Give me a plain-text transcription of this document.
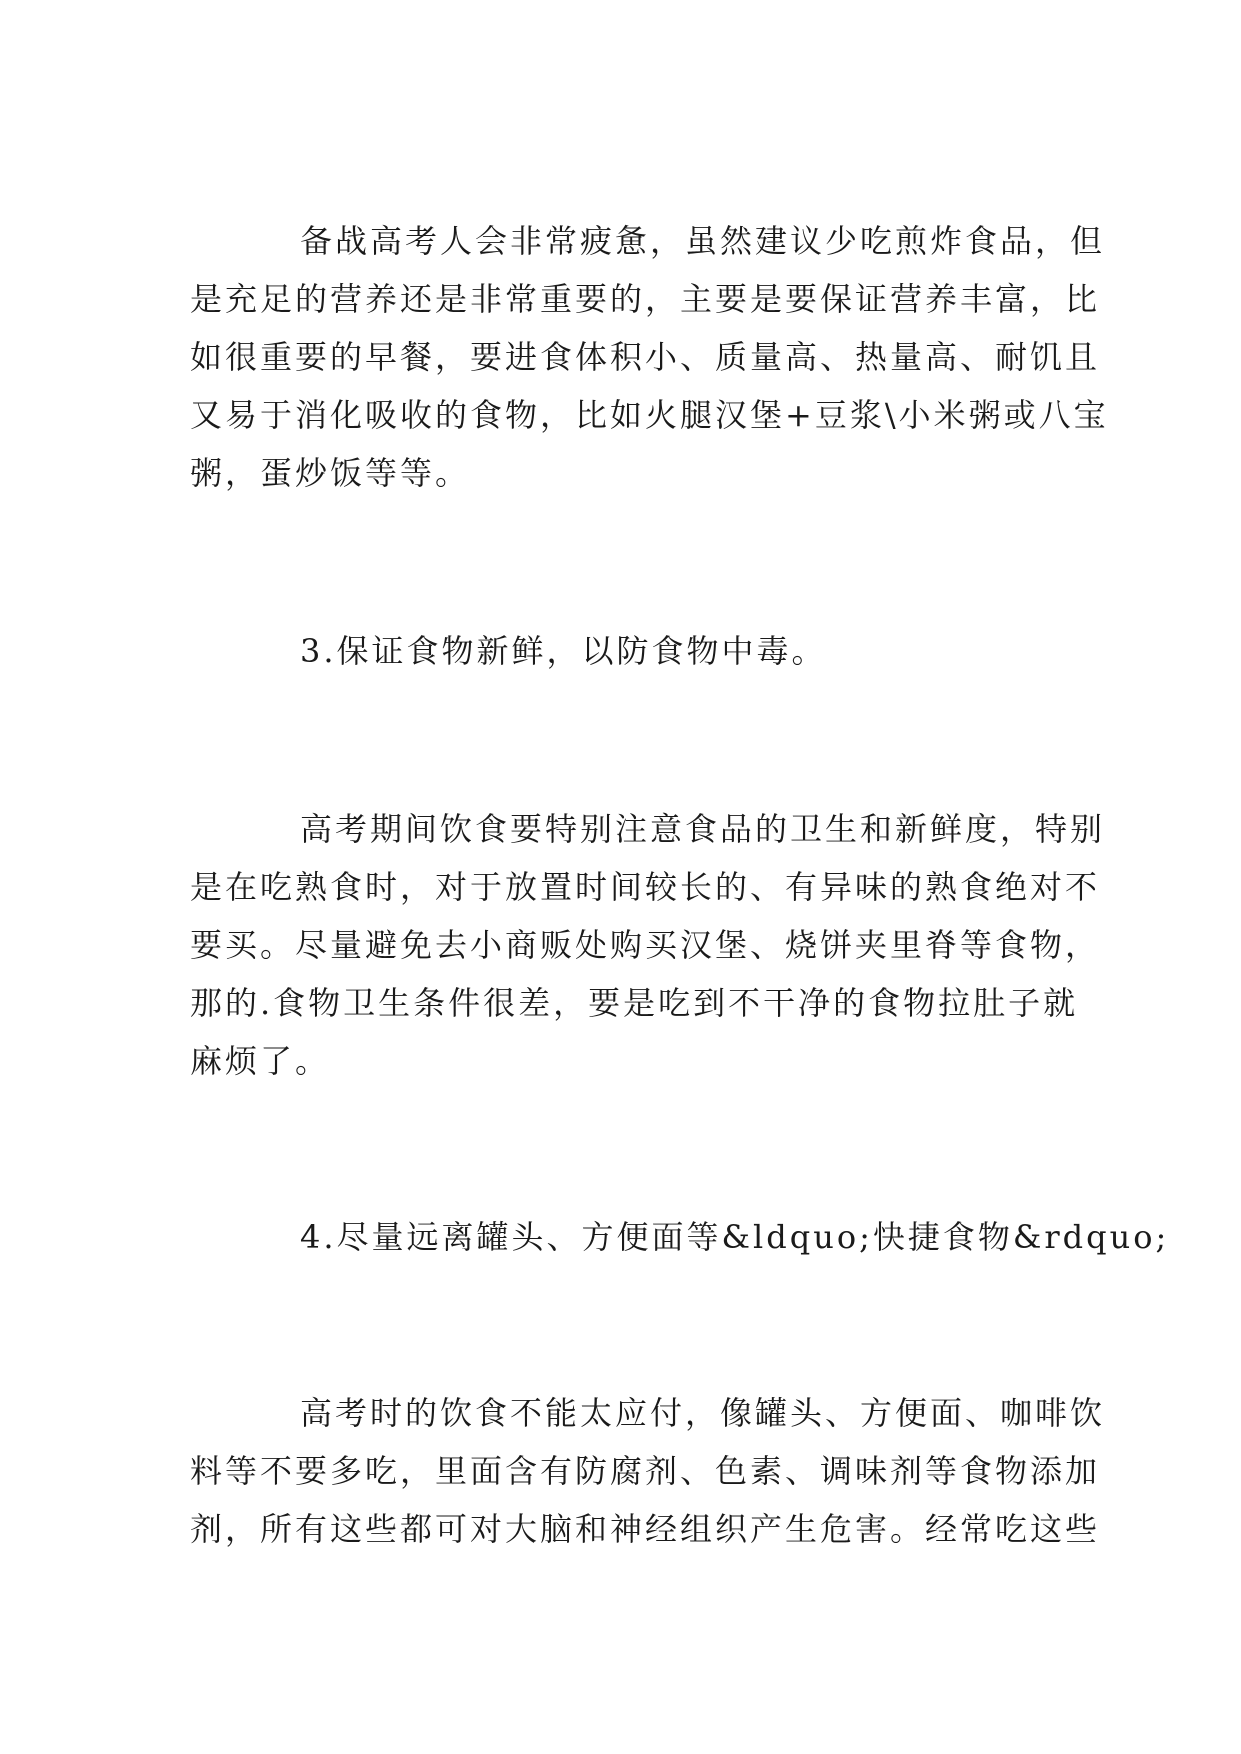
备战高考人会非常疲惫，虽然建议少吃煎炸食品，但
是充足的营养还是非常重要的，主要是要保证营养丰富，比
如很重要的早餐，要进食体积小、质量高、热量高、耐饥且
又易于消化吸收的食物，比如火腿汉堡+豆浆\小米粥或八宝
粥，蛋炒饭等等。
3.保证食物新鲜，以防食物中毒。
高考期间饮食要特别注意食品的卫生和新鲜度，特别
是在吃熟食时，对于放置时间较长的、有异味的熟食绝对不
要买。尽量避免去小商贩处购买汉堡、烧饼夹里脊等食物，
那的.食物卫生条件很差，要是吃到不干净的食物拉肚子就
麻烦了。
4.尽量远离罐头、方便面等&ldquo;快捷食物&rdquo;
高考时的饮食不能太应付，像罐头、方便面、咖啡饮
料等不要多吃，里面含有防腐剂、色素、调味剂等食物添加
剂，所有这些都可对大脑和神经组织产生危害。经常吃这些
